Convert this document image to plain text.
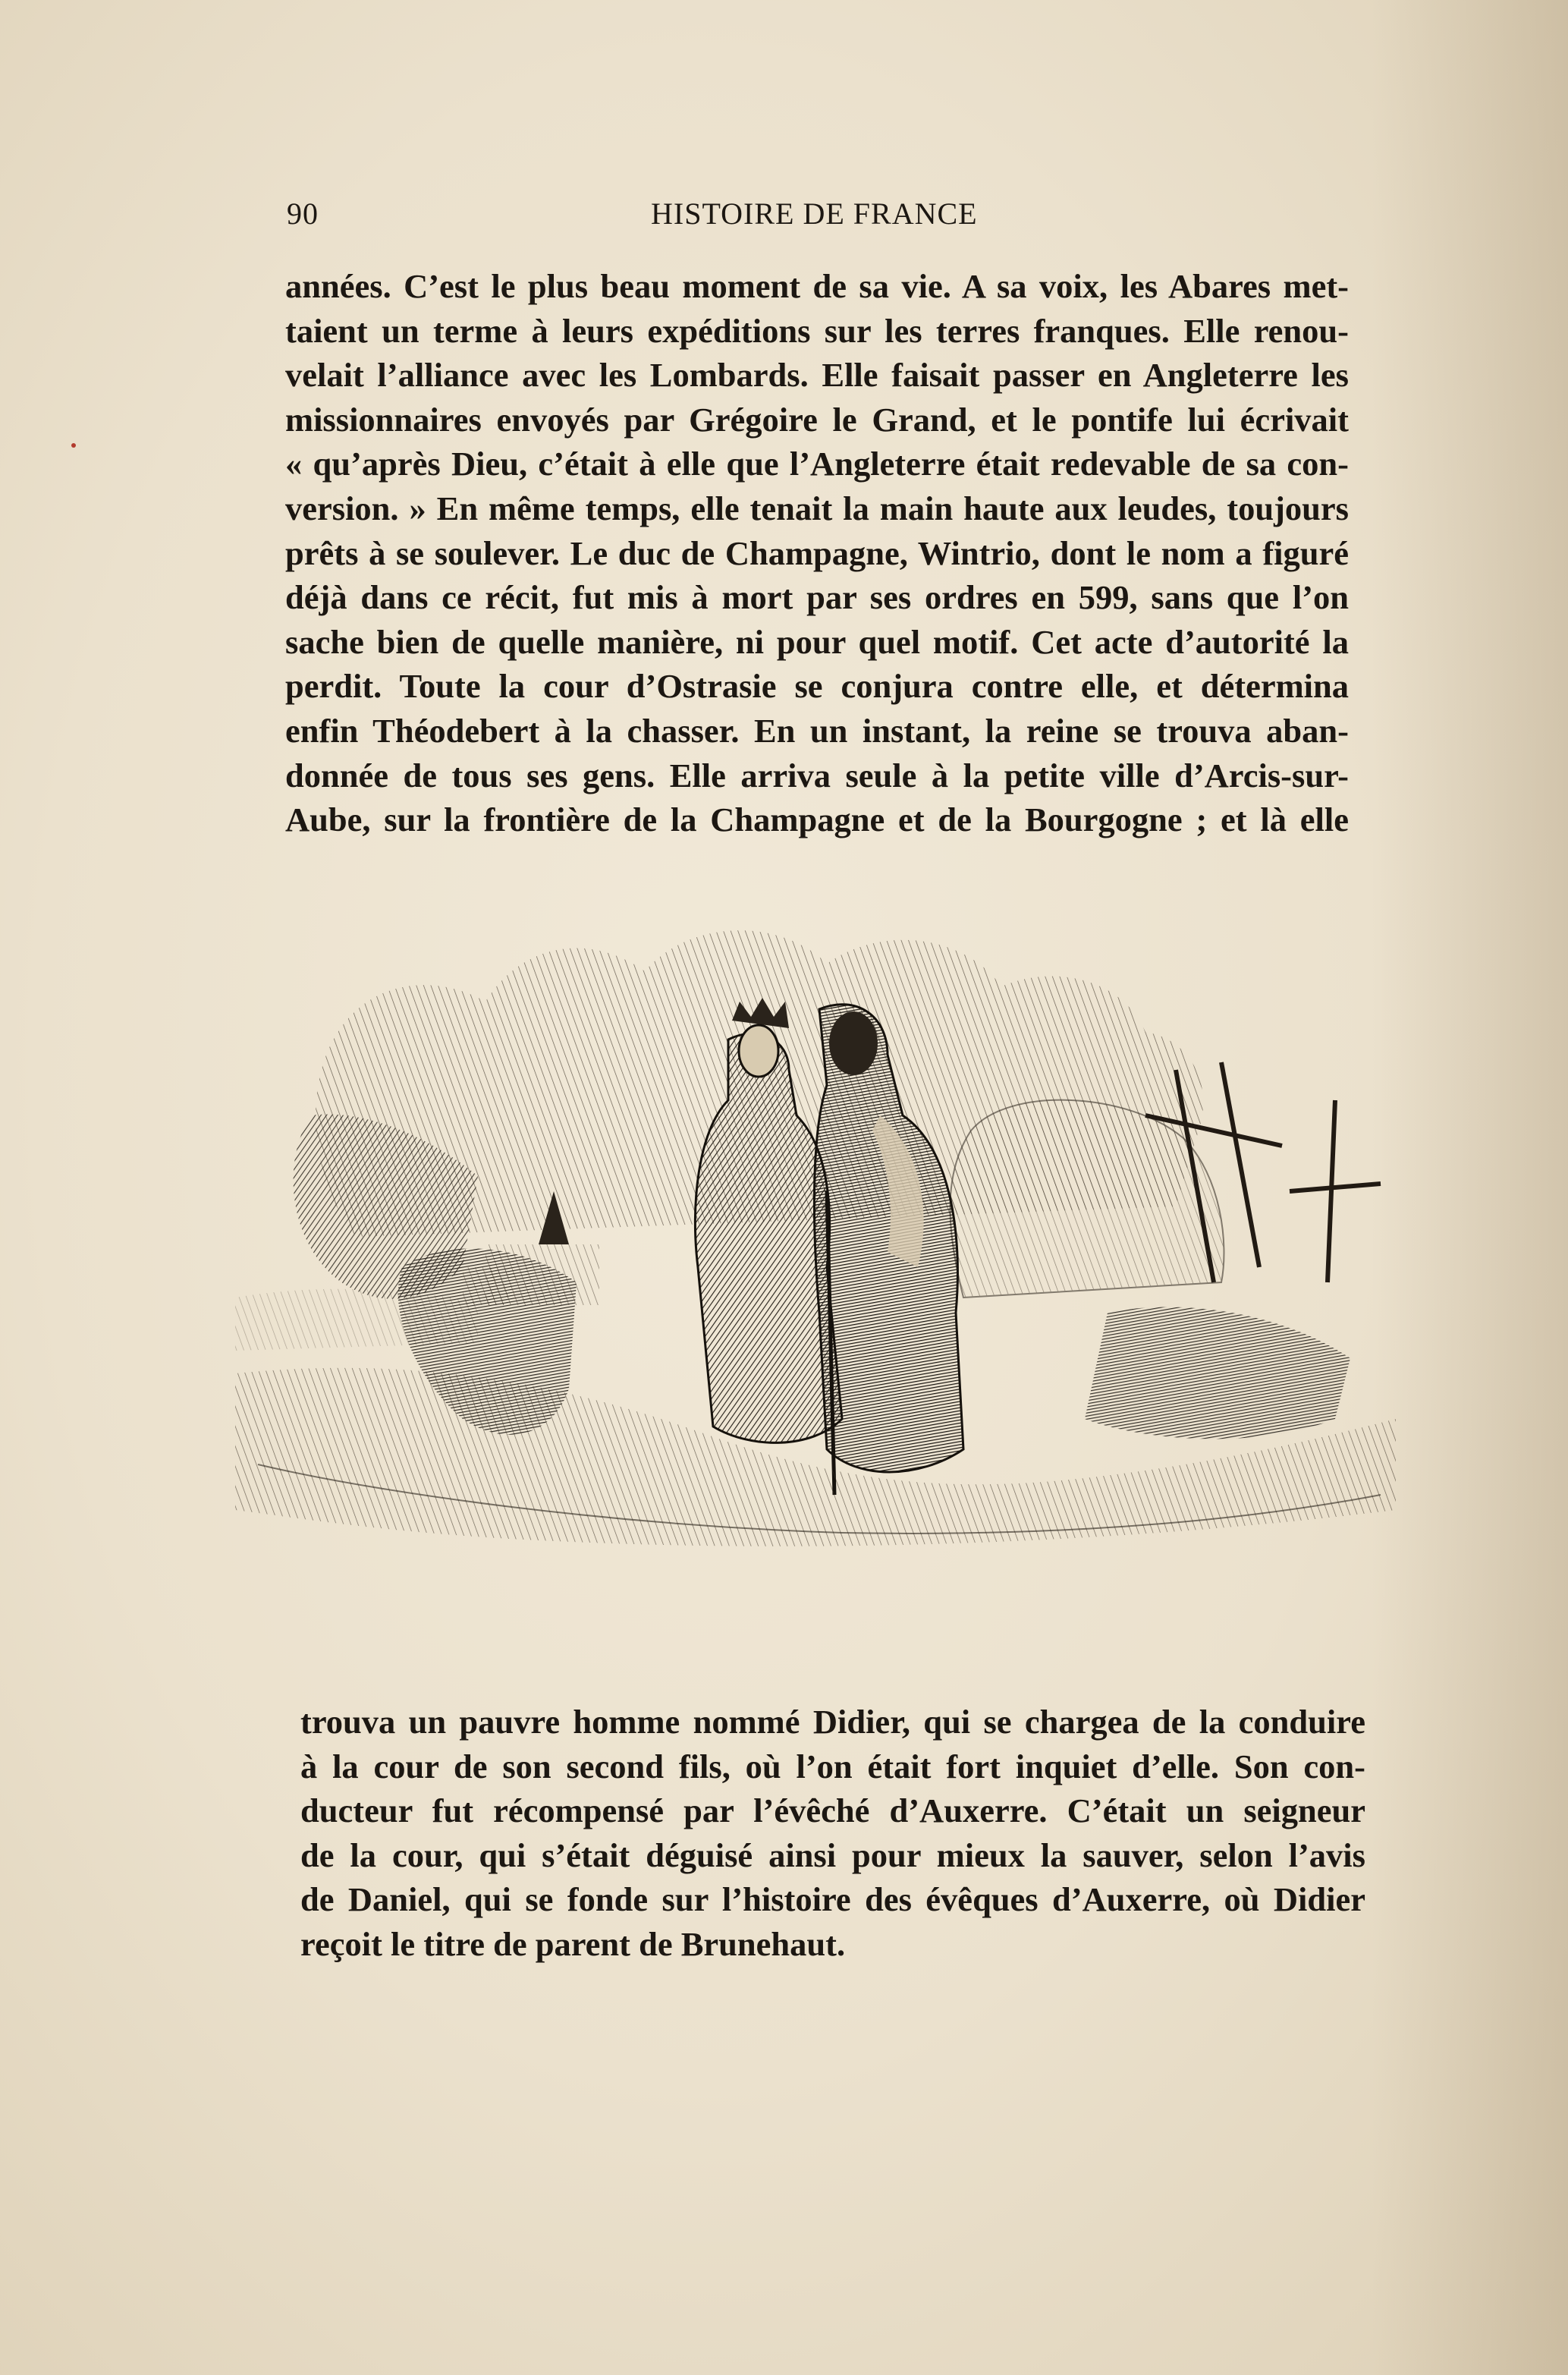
90	HISTOIRE DE FRANCE
années. C’est le plus beau moment de sa vie. A sa voix, les Abares met-
taient un terme à leurs expéditions sur les terres franques. Elle renou-
velait l’alliance avec les Lombards. Elle faisait passer en Angleterre les
missionnaires envoyés par Grégoire le Grand, et le pontife lui écrivait
« qu’après Dieu, c’était à elle que l’Angleterre était redevable de sa con-
version. » En même temps, elle tenait la main haute aux leudes, toujours
prêts à se soulever. Le duc de Champagne, Wintrio, dont le nom a figuré
déjà dans ce récit, fut mis à mort par ses ordres en 599, sans que l’on
sache bien de quelle manière, ni pour quel motif. Cet acte d’autorité la
perdit. Toute la cour d’Ostrasie se conjura contre elle, et détermina
enfin Théodebert à la chasser. En un instant, la reine se trouva aban-
donnée de tous ses gens. Elle arriva seule à la petite ville d’Arcis-sur-
Aube, sur la frontière de la Champagne et de la Bourgogne ; et là elle
trouva un pauvre homme nommé Didier, qui se chargea de la conduire
à la cour de son second fils, où l’on était fort inquiet d’elle. Son con-
ducteur fut récompensé par l’évêché d’Auxerre. C’était un seigneur
de la cour, qui s’était déguisé ainsi pour mieux la sauver, selon l’avis
de Daniel, qui se fonde sur l’histoire des évêques d’Auxerre, où Didier
reçoit le titre de parent de Brunehaut.
